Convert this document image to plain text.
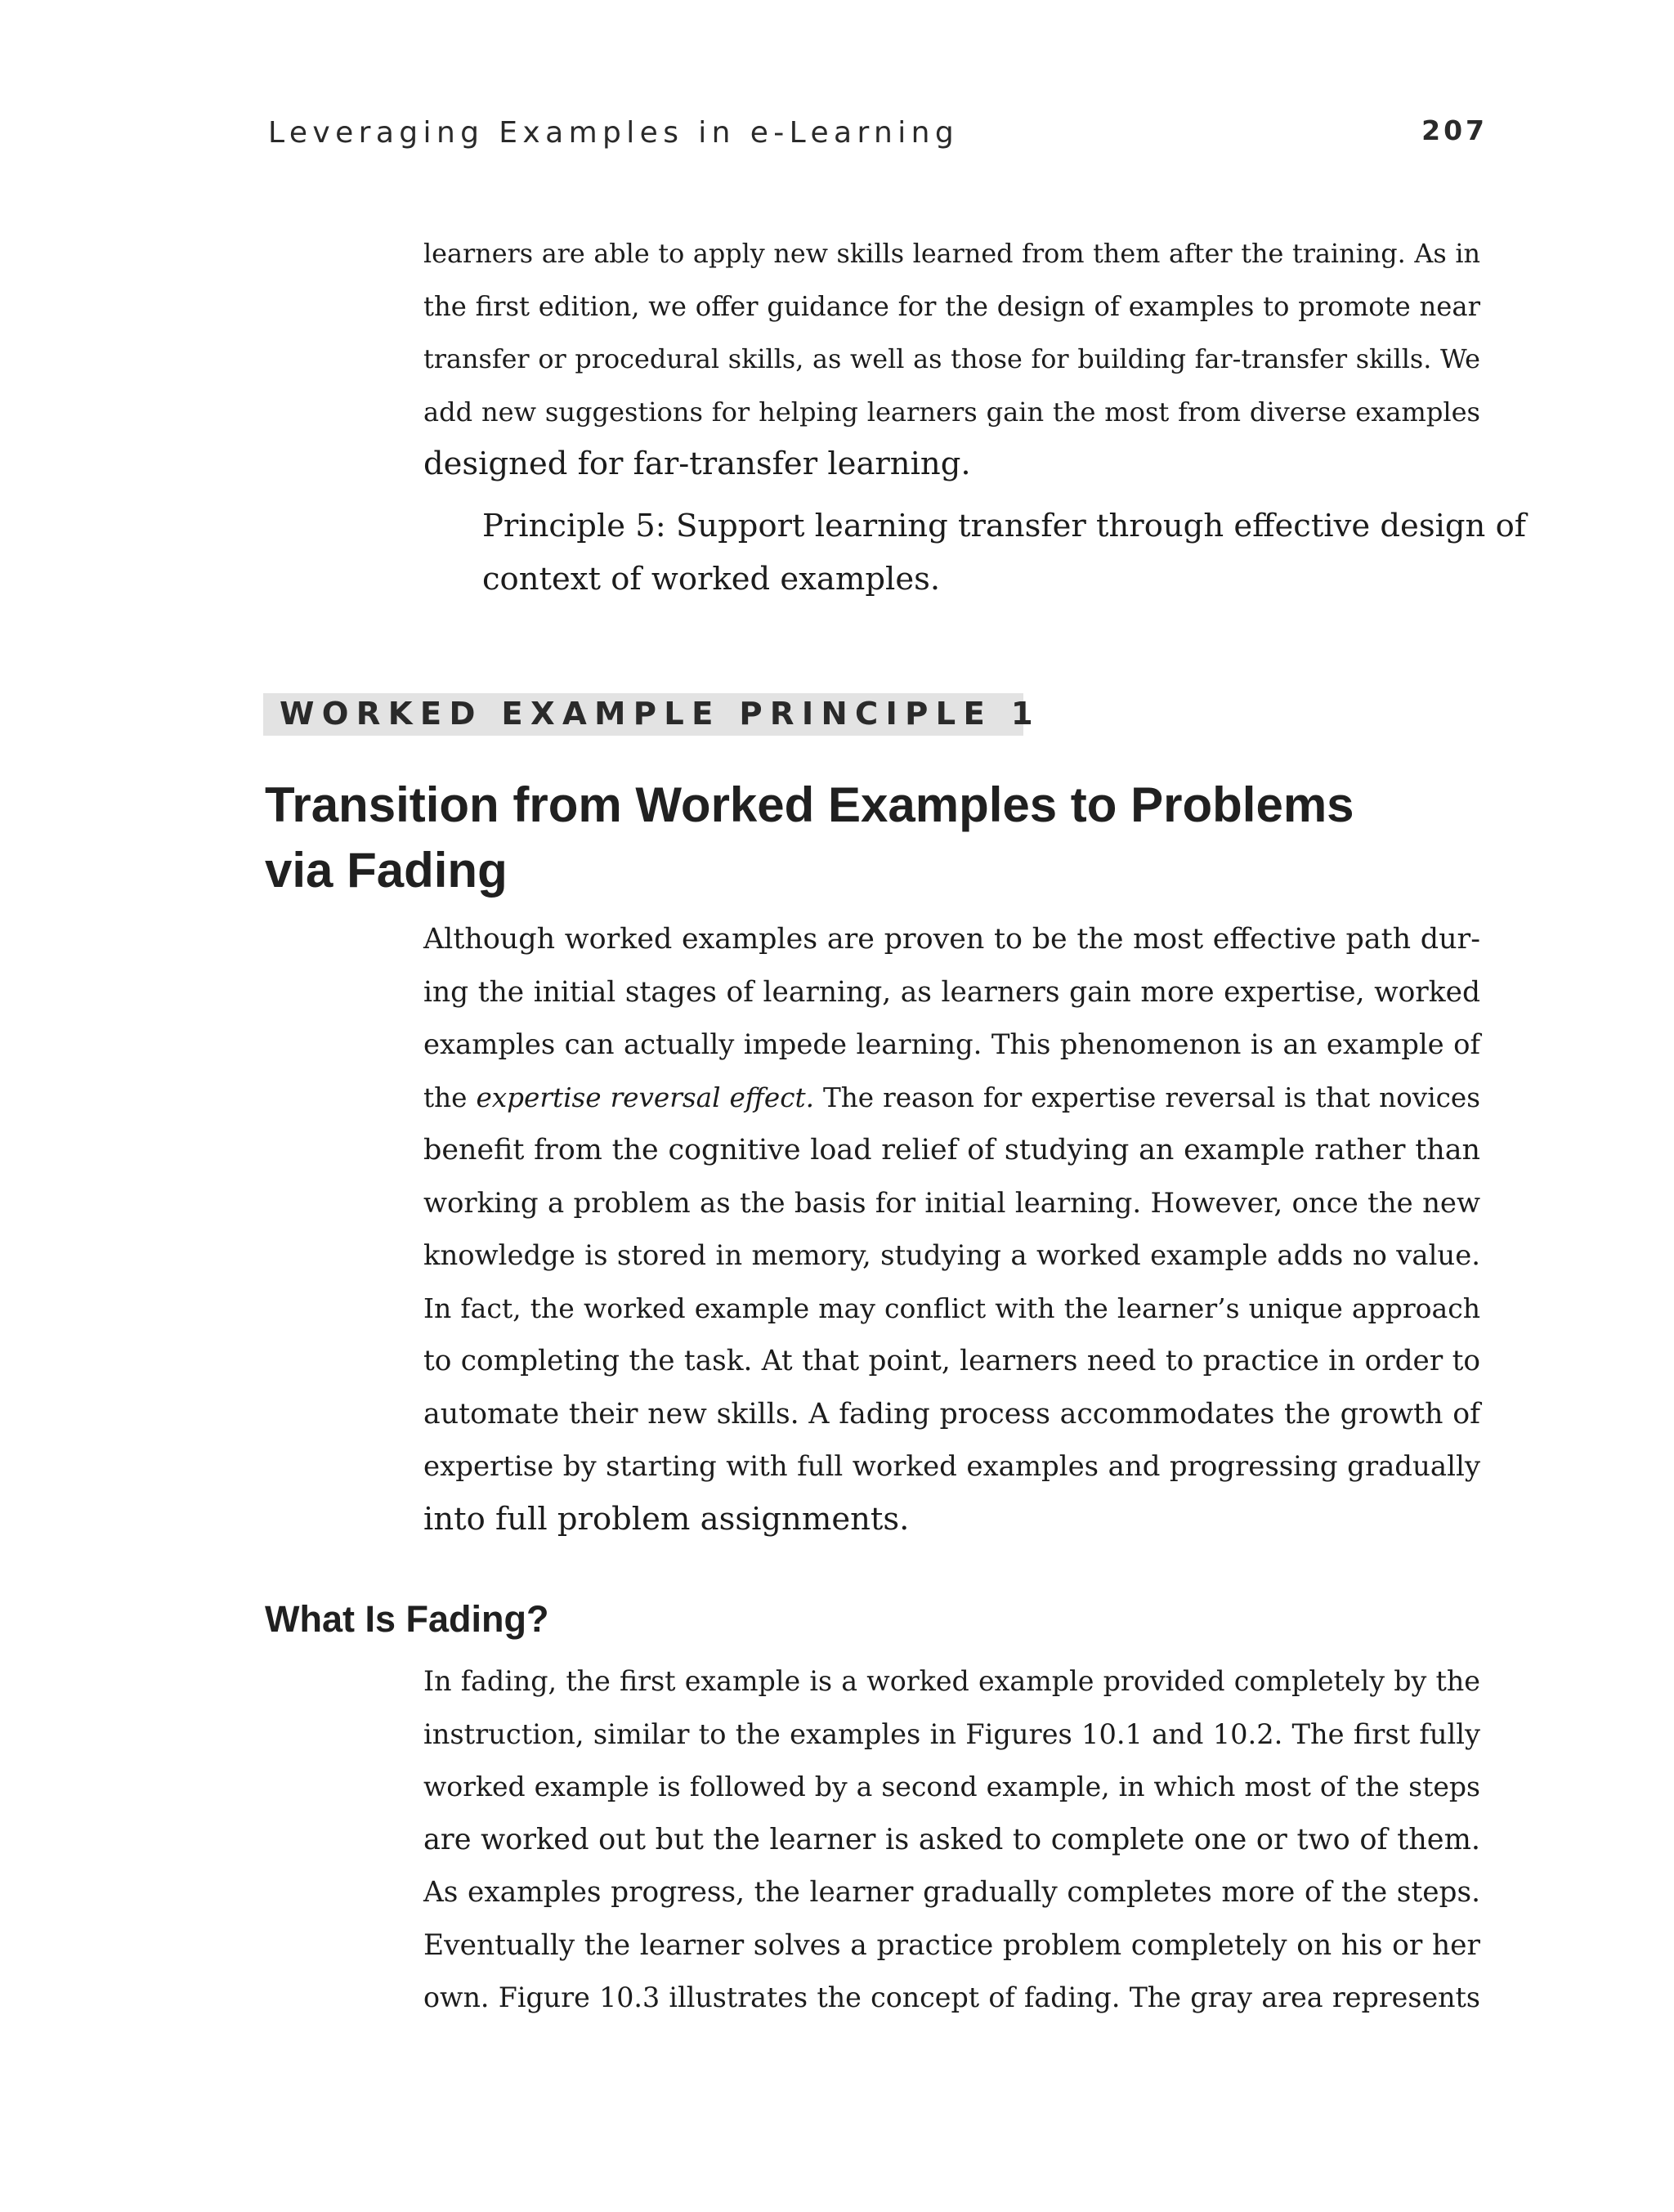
Leveraging Examples in e-Learning	207
learners are able to apply new skills learned from them after the training. As in
the first edition, we offer guidance for the design of examples to promote near
transfer or procedural skills, as well as those for building far-transfer skills. We
add new suggestions for helping learners gain the most from diverse examples
designed for far-transfer learning.
Principle 5: Support learning transfer through effective design of
context of worked examples.
WORKED EXAMPLE PRINCIPLE 1
Transition from Worked Examples to Problems
via Fading
Although worked examples are proven to be the most effective path dur-
ing the initial stages of learning, as learners gain more expertise, worked
examples can actually impede learning. This phenomenon is an example of
the expertise reversal effect. The reason for expertise reversal is that novices
benefit from the cognitive load relief of studying an example rather than
working a problem as the basis for initial learning. However, once the new
knowledge is stored in memory, studying a worked example adds no value.
In fact, the worked example may conflict with the learner’s unique approach
to completing the task. At that point, learners need to practice in order to
automate their new skills. A fading process accommodates the growth of
expertise by starting with full worked examples and progressing gradually
into full problem assignments.
What Is Fading?
In fading, the first example is a worked example provided completely by the
instruction, similar to the examples in Figures 10.1 and 10.2. The first fully
worked example is followed by a second example, in which most of the steps
are worked out but the learner is asked to complete one or two of them.
As examples progress, the learner gradually completes more of the steps.
Eventually the learner solves a practice problem completely on his or her
own. Figure 10.3 illustrates the concept of fading. The gray area represents
